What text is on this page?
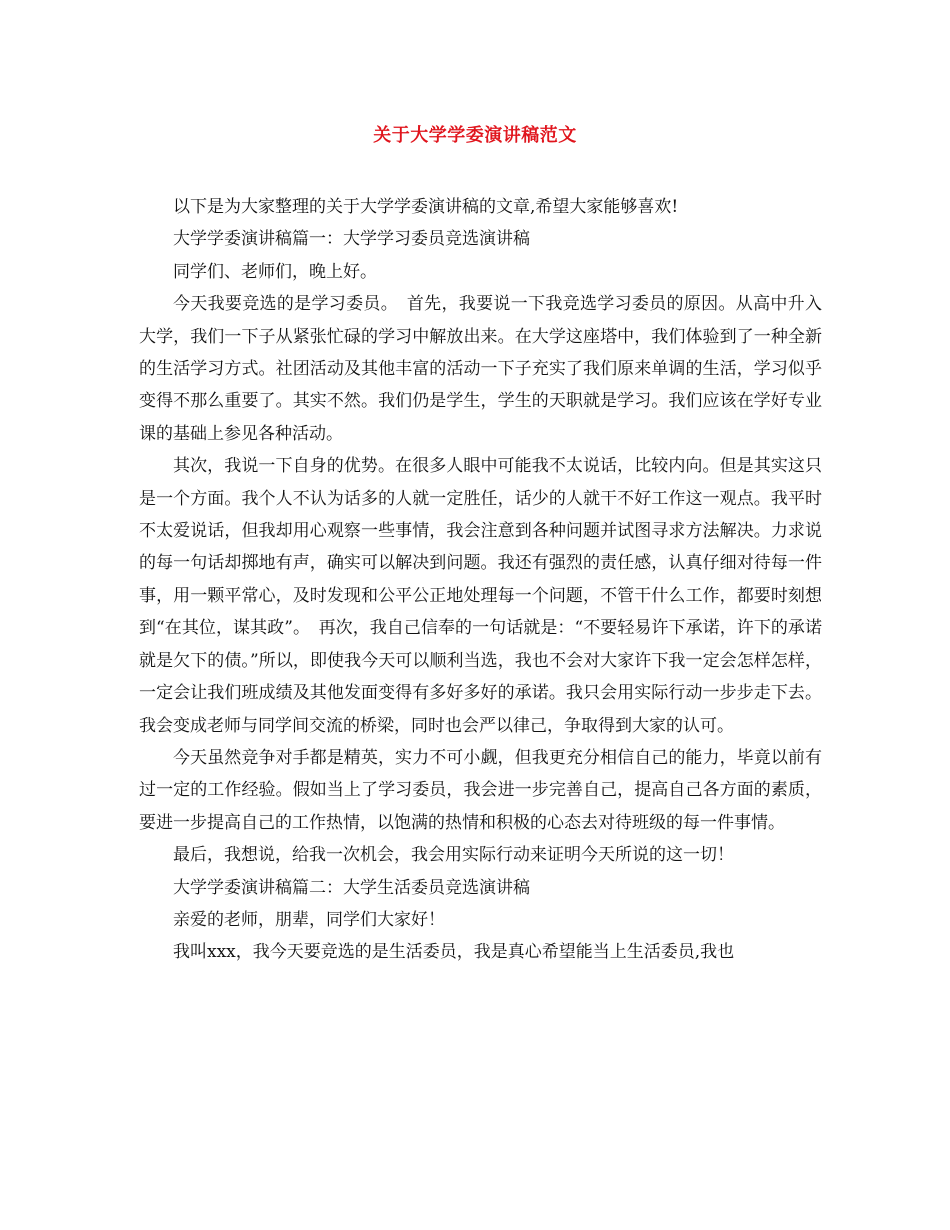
关于大学学委演讲稿范文

以下是为大家整理的关于大学学委演讲稿的文章,希望大家能够喜欢!

大学学委演讲稿篇一：大学学习委员竞选演讲稿

同学们、老师们，晚上好。

今天我要竞选的是学习委员。　首先，我要说一下我竞选学习委员的原因。从高中升入大学，我们一下子从紧张忙碌的学习中解放出来。在大学这座塔中，我们体验到了一种全新的生活学习方式。社团活动及其他丰富的活动一下子充实了我们原来单调的生活，学习似乎变得不那么重要了。其实不然。我们仍是学生，学生的天职就是学习。我们应该在学好专业课的基础上参见各种活动。

其次，我说一下自身的优势。在很多人眼中可能我不太说话，比较内向。但是其实这只是一个方面。我个人不认为话多的人就一定胜任，话少的人就干不好工作这一观点。我平时不太爱说话，但我却用心观察一些事情，我会注意到各种问题并试图寻求方法解决。力求说的每一句话却掷地有声，确实可以解决到问题。我还有强烈的责任感，认真仔细对待每一件事，用一颗平常心，及时发现和公平公正地处理每一个问题，不管干什么工作，都要时刻想到“在其位，谋其政”。　再次，我自己信奉的一句话就是：“不要轻易许下承诺，许下的承诺就是欠下的债。”所以，即使我今天可以顺利当选，我也不会对大家许下我一定会怎样怎样，一定会让我们班成绩及其他发面变得有多好多好的承诺。我只会用实际行动一步步走下去。我会变成老师与同学间交流的桥梁，同时也会严以律己，争取得到大家的认可。

今天虽然竞争对手都是精英，实力不可小觑，但我更充分相信自己的能力，毕竟以前有过一定的工作经验。假如当上了学习委员，我会进一步完善自己，提高自己各方面的素质，要进一步提高自己的工作热情，以饱满的热情和积极的心态去对待班级的每一件事情。

最后，我想说，给我一次机会，我会用实际行动来证明今天所说的这一切！

大学学委演讲稿篇二：大学生活委员竞选演讲稿

亲爱的老师，朋辈，同学们大家好！

我叫xxx，我今天要竞选的是生活委员，我是真心希望能当上生活委员,我也
